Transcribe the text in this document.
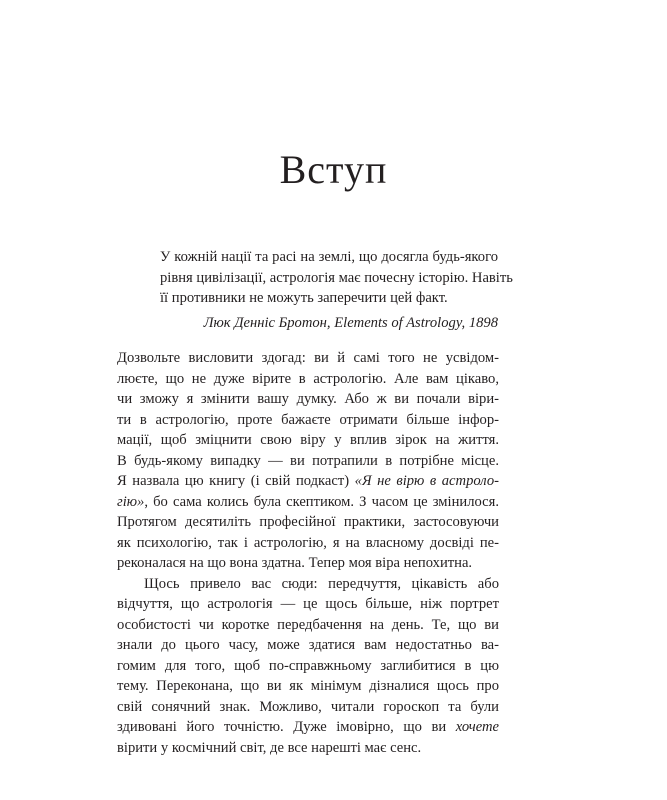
Вступ
У кожній нації та расі на землі, що досягла будь-якого
рівня цивілізації, астрологія має почесну історію. Навіть
її противники не можуть заперечити цей факт.
Люк Денніс Бротон, Elements of Astrology, 1898
Дозвольте висловити здогад: ви й самі того не усвідом-
люєте, що не дуже вірите в астрологію. Але вам цікаво,
чи зможу я змінити вашу думку. Або ж ви почали віри-
ти в астрологію, проте бажаєте отримати більше інфор-
мації, щоб зміцнити свою віру у вплив зірок на життя.
В будь-якому випадку — ви потрапили в потрібне місце.
Я назвала цю книгу (і свій подкаст) «Я не вірю в астроло-
гію», бо сама колись була скептиком. З часом це змінилося.
Протягом десятиліть професійної практики, застосовуючи
як психологію, так і астрологію, я на власному досвіді пе-
реконалася на що вона здатна. Тепер моя віра непохитна.
Щось привело вас сюди: передчуття, цікавість або
відчуття, що астрологія — це щось більше, ніж портрет
особистості чи коротке передбачення на день. Те, що ви
знали до цього часу, може здатися вам недостатньо ва-
гомим для того, щоб по-справжньому заглибитися в цю
тему. Переконана, що ви як мінімум дізналися щось про
свій сонячний знак. Можливо, читали гороскоп та були
здивовані його точністю. Дуже імовірно, що ви хочете
вірити у космічний світ, де все нарешті має сенс.
